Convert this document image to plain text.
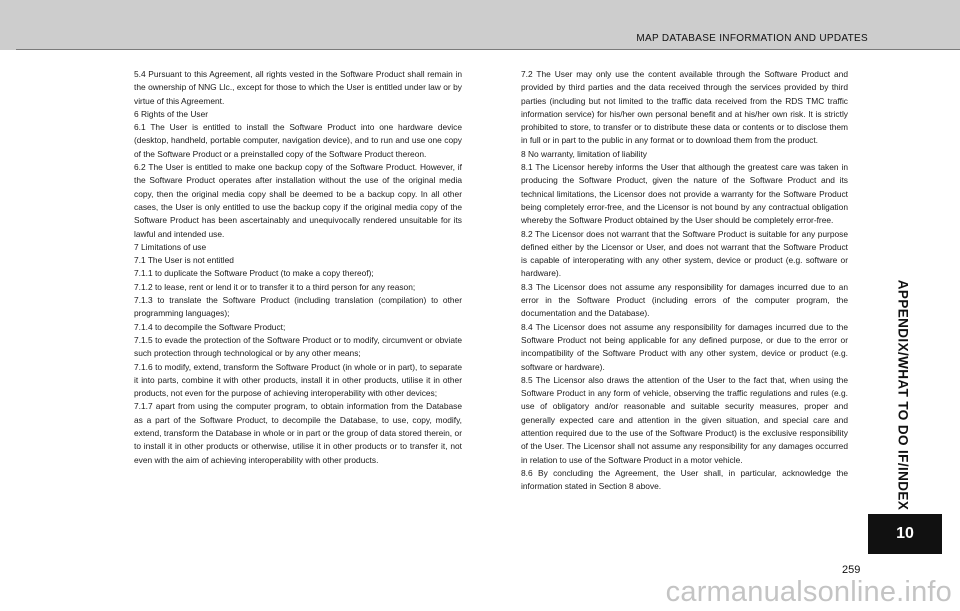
MAP DATABASE INFORMATION AND UPDATES

5.4 Pursuant to this Agreement, all rights vested in the Software Product shall remain in the ownership of NNG Llc., except for those to which the User is entitled under law or by virtue of this Agreement.

6 Rights of the User

6.1 The User is entitled to install the Software Product into one hardware device (desktop, handheld, portable computer, navigation device), and to run and use one copy of the Software Product or a preinstalled copy of the Software Product thereon.

6.2 The User is entitled to make one backup copy of the Software Product. However, if the Software Product operates after installation without the use of the original media copy, then the original media copy shall be deemed to be a backup copy. In all other cases, the User is only entitled to use the backup copy if the original media copy of the Software Product has been ascertainably and unequivocally rendered unsuitable for its lawful and intended use.

7 Limitations of use

7.1 The User is not entitled

7.1.1 to duplicate the Software Product (to make a copy thereof);

7.1.2 to lease, rent or lend it or to transfer it to a third person for any reason;

7.1.3 to translate the Software Product (including translation (compilation) to other programming languages);

7.1.4 to decompile the Software Product;

7.1.5 to evade the protection of the Software Product or to modify, circumvent or obviate such protection through technological or by any other means;

7.1.6 to modify, extend, transform the Software Product (in whole or in part), to separate it into parts, combine it with other products, install it in other products, utilise it in other products, not even for the purpose of achieving interoperability with other devices;

7.1.7 apart from using the computer program, to obtain information from the Database as a part of the Software Product, to decompile the Database, to use, copy, modify, extend, transform the Database in whole or in part or the group of data stored therein, or to install it in other products or otherwise, utilise it in other products or to transfer it, not even with the aim of achieving interoperability with other products.

7.2 The User may only use the content available through the Software Product and provided by third parties and the data received through the services provided by third parties (including but not limited to the traffic data received from the RDS TMC traffic information service) for his/her own personal benefit and at his/her own risk. It is strictly prohibited to store, to transfer or to distribute these data or contents or to disclose them in full or in part to the public in any format or to download them from the product.

8 No warranty, limitation of liability

8.1 The Licensor hereby informs the User that although the greatest care was taken in producing the Software Product, given the nature of the Software Product and its technical limitations, the Licensor does not provide a warranty for the Software Product being completely error-free, and the Licensor is not bound by any contractual obligation whereby the Software Product obtained by the User should be completely error-free.

8.2 The Licensor does not warrant that the Software Product is suitable for any purpose defined either by the Licensor or User, and does not warrant that the Software Product is capable of interoperating with any other system, device or product (e.g. software or hardware).

8.3 The Licensor does not assume any responsibility for damages incurred due to an error in the Software Product (including errors of the computer program, the documentation and the Database).

8.4 The Licensor does not assume any responsibility for damages incurred due to the Software Product not being applicable for any defined purpose, or due to the error or incompatibility of the Software Product with any other system, device or product (e.g. software or hardware).

8.5 The Licensor also draws the attention of the User to the fact that, when using the Software Product in any form of vehicle, observing the traffic regulations and rules (e.g. use of obligatory and/or reasonable and suitable security measures, proper and generally expected care and attention in the given situation, and special care and attention required due to the use of the Software Product) is the exclusive responsibility of the User. The Licensor shall not assume any responsibility for any damages occurred in relation to use of the Software Product in a motor vehicle.

8.6 By concluding the Agreement, the User shall, in particular, acknowledge the information stated in Section 8 above.	APPENDIX/WHAT TO DO IF/INDEX
10
259
carmanualsonline.info
